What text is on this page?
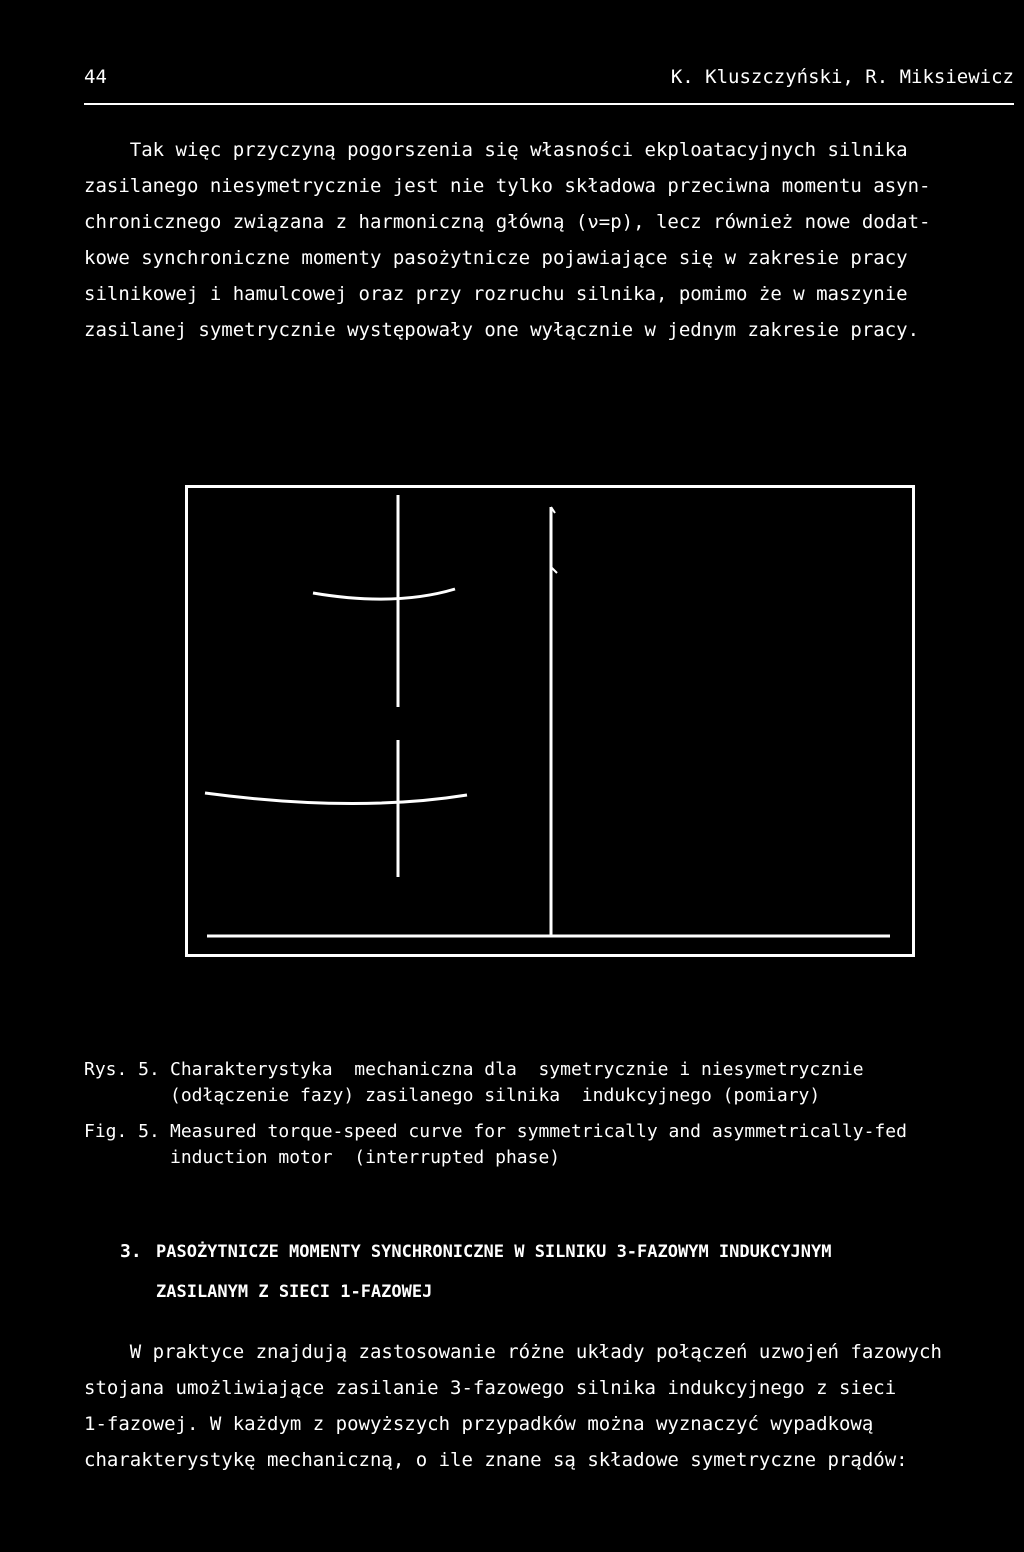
44	K. Kluszczyński, R. Miksiewicz
Tak więc przyczyną pogorszenia się własności ekploatacyjnych silnika
zasilanego niesymetrycznie jest nie tylko składowa przeciwna momentu asyn-
chronicznego związana z harmoniczną główną (ν=p), lecz również nowe dodat-
kowe synchroniczne momenty pasożytnicze pojawiające się w zakresie pracy
silnikowej i hamulcowej oraz przy rozruchu silnika, pomimo że w maszynie
zasilanej symetrycznie występowały one wyłącznie w jednym zakresie pracy.
Rys. 5. Charakterystyka  mechaniczna dla  symetrycznie i niesymetrycznie
(odłączenie fazy) zasilanego silnika  indukcyjnego (pomiary)
Fig. 5. Measured torque-speed curve for symmetrically and asymmetrically-fed
induction motor  (interrupted phase)
3. PASOŻYTNICZE MOMENTY SYNCHRONICZNE W SILNIKU 3-FAZOWYM INDUKCYJNYM
ZASILANYM Z SIECI 1-FAZOWEJ
W praktyce znajdują zastosowanie różne układy połączeń uzwojeń fazowych
stojana umożliwiające zasilanie 3-fazowego silnika indukcyjnego z sieci
1-fazowej. W każdym z powyższych przypadków można wyznaczyć wypadkową
charakterystykę mechaniczną, o ile znane są składowe symetryczne prądów:
